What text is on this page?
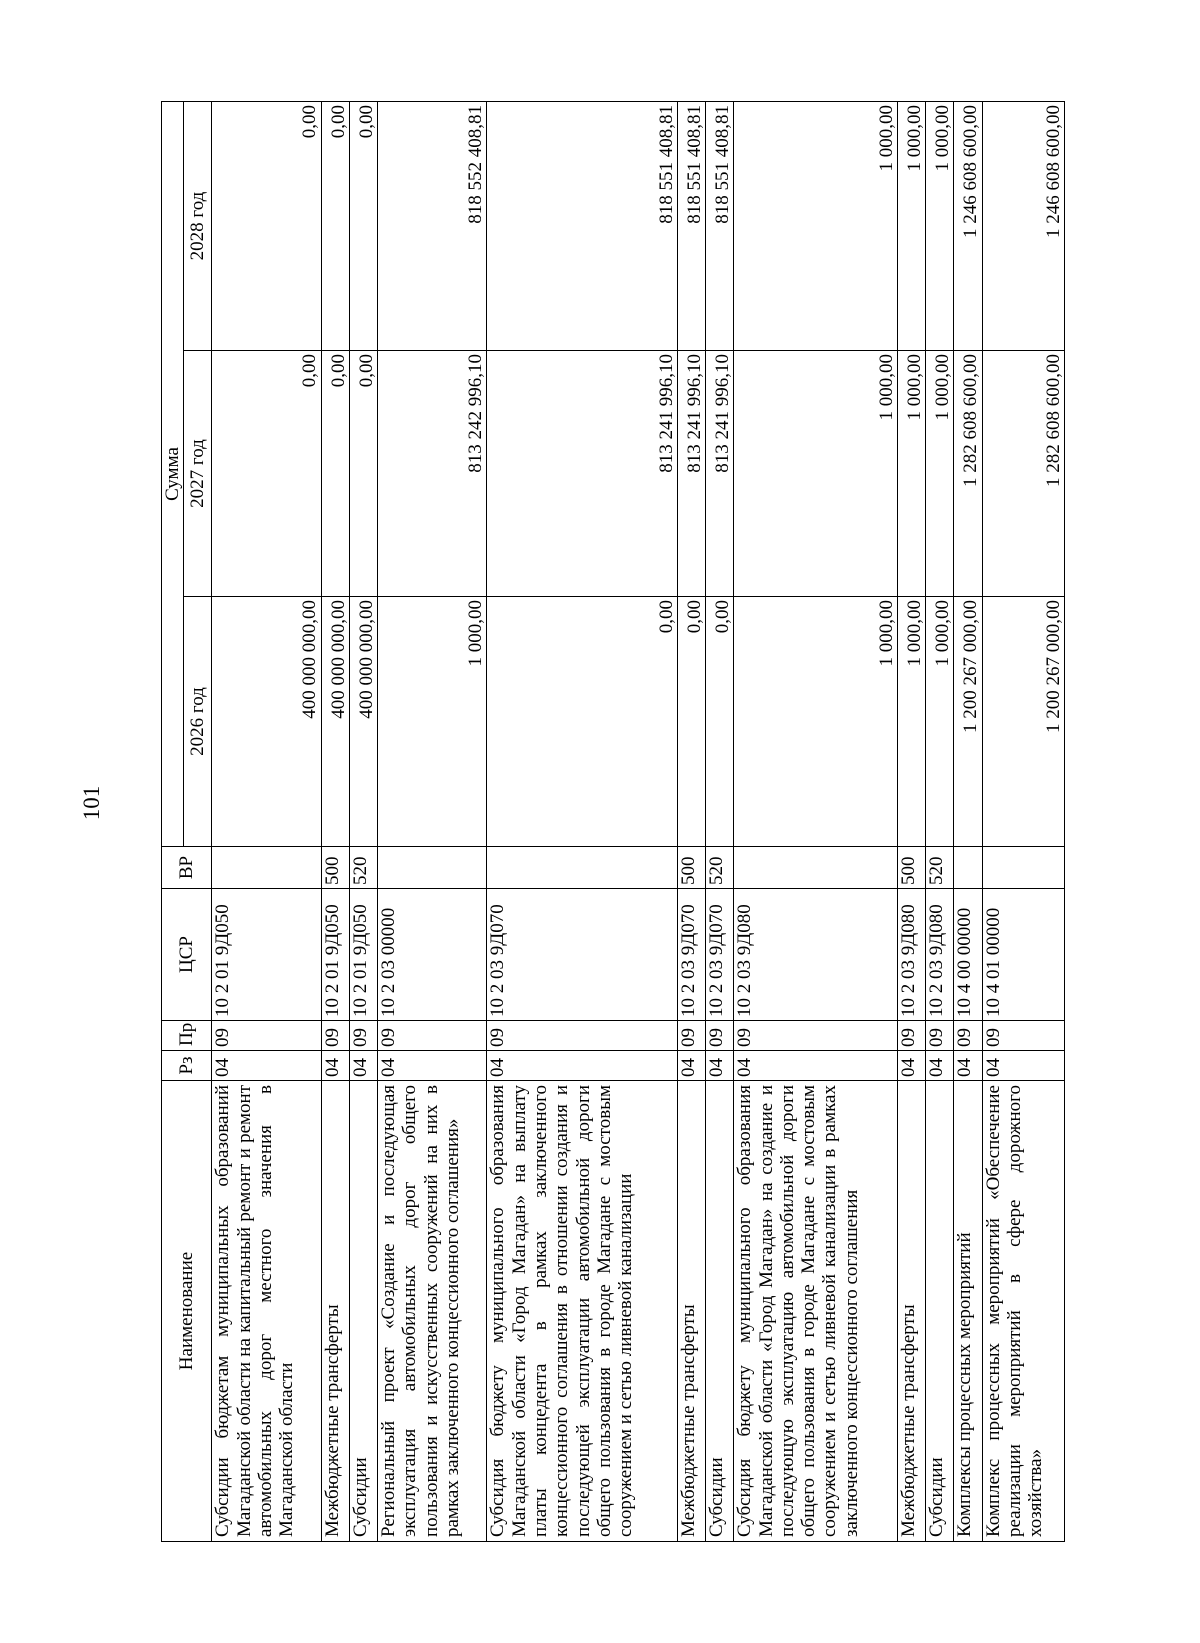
101
Наименование	Рз	Пр	ЦСР	ВР	Сумма		
					2026 год	2027 год	2028 год
Субсидии бюджетам муниципальных образований Магаданской области на капитальный ремонт и ремонт автомобильных дорог местного значения в Магаданской области	04	09	10 2 01 9Д050		400 000 000,00	0,00	0,00
Межбюджетные трансферты	04	09	10 2 01 9Д050	500	400 000 000,00	0,00	0,00
Субсидии	04	09	10 2 01 9Д050	520	400 000 000,00	0,00	0,00
Региональный проект «Создание и последующая эксплуатация автомобильных дорог общего пользования и искусственных сооружений на них в рамках заключенного концессионного соглашения»	04	09	10 2 03 00000		1 000,00	813 242 996,10	818 552 408,81
Субсидия бюджету муниципального образования Магаданской области «Город Магадан» на выплату платы концедента в рамках заключенного концессионного соглашения в отношении создания и последующей эксплуатации автомобильной дороги общего пользования в городе Магадане с мостовым сооружением и сетью ливневой канализации	04	09	10 2 03 9Д070		0,00	813 241 996,10	818 551 408,81
Межбюджетные трансферты	04	09	10 2 03 9Д070	500	0,00	813 241 996,10	818 551 408,81
Субсидии	04	09	10 2 03 9Д070	520	0,00	813 241 996,10	818 551 408,81
Субсидия бюджету муниципального образования Магаданской области «Город Магадан» на создание и последующую эксплуатацию автомобильной дороги общего пользования в городе Магадане с мостовым сооружением и сетью ливневой канализации в рамках заключенного концессионного соглашения	04	09	10 2 03 9Д080		1 000,00	1 000,00	1 000,00
Межбюджетные трансферты	04	09	10 2 03 9Д080	500	1 000,00	1 000,00	1 000,00
Субсидии	04	09	10 2 03 9Д080	520	1 000,00	1 000,00	1 000,00
Комплексы процессных мероприятий	04	09	10 4 00 00000		1 200 267 000,00	1 282 608 600,00	1 246 608 600,00
Комплекс процессных мероприятий «Обеспечение реализации мероприятий в сфере дорожного хозяйства»	04	09	10 4 01 00000		1 200 267 000,00	1 282 608 600,00	1 246 608 600,00
